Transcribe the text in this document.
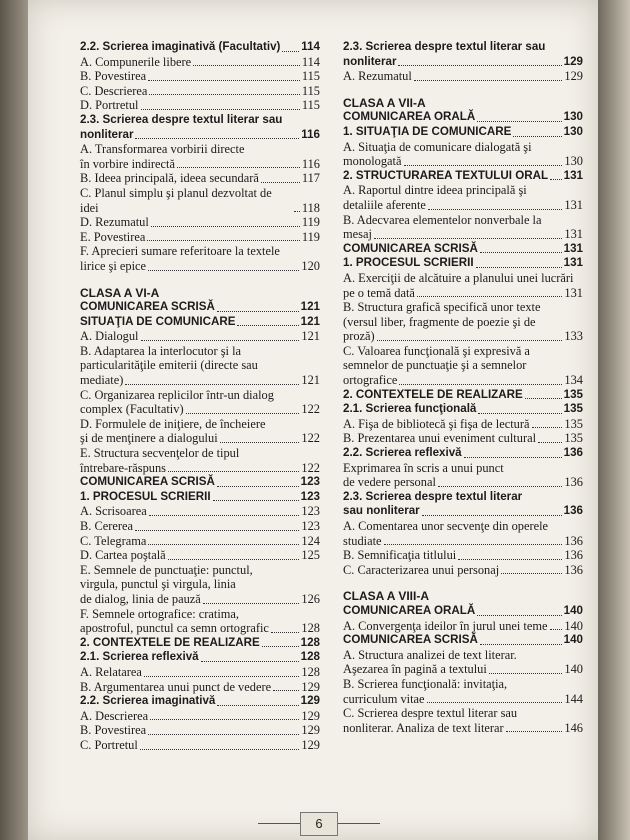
2.2. Scrierea imaginativă (Facultativ) 114
A. Compunerile libere	114
B. Povestirea	115
C. Descrierea	115
D. Portretul	115
2.3. Scrierea despre textul literar sau
nonliterar	116
A. Transformarea vorbirii directe
în vorbire indirectă	116
B. Ideea principală, ideea secundară	117
C. Planul simplu şi planul dezvoltat de idei	118
D. Rezumatul	119
E. Povestirea	119
F. Aprecieri sumare referitoare la textele
lirice şi epice	120
CLASA A VI-A
COMUNICAREA SCRISĂ	121
SITUAŢIA DE COMUNICARE	121
A. Dialogul	121
B. Adaptarea la interlocutor şi la
particularităţile emiterii (directe sau
mediate)	121
C. Organizarea replicilor într-un dialog
complex (Facultativ)	122
D. Formulele de iniţiere, de încheiere
şi de menţinere a dialogului	122
E. Structura secvenţelor de tipul
întrebare-răspuns	122
COMUNICAREA SCRISĂ	123
1. PROCESUL SCRIERII	123
A. Scrisoarea	123
B. Cererea	123
C. Telegrama	124
D. Cartea poştală	125
E. Semnele de punctuaţie: punctul,
virgula, punctul şi virgula, linia
de dialog, linia de pauză	126
F. Semnele ortografice: cratima,
apostroful, punctul ca semn ortografic	128
2. CONTEXTELE DE REALIZARE	128
2.1. Scrierea reflexivă	128
A. Relatarea	128
B. Argumentarea unui punct de vedere 129
2.2. Scrierea imaginativă	129
A. Descrierea	129
B. Povestirea	129
C. Portretul	129
2.3. Scrierea despre textul literar sau
nonliterar	129
A. Rezumatul	129
CLASA A VII-A
COMUNICAREA ORALĂ	130
1. SITUAŢIA DE COMUNICARE	130
A. Situaţia de comunicare dialogată şi
monologată	130
2. STRUCTURAREA TEXTULUI ORAL 131
A. Raportul dintre ideea principală şi
detaliile aferente	131
B. Adecvarea elementelor nonverbale la
mesaj	131
COMUNICAREA SCRISĂ	131
1. PROCESUL SCRIERII	131
A. Exerciţii de alcătuire a planului unei lucrări
pe o temă dată	131
B. Structura grafică specifică unor texte
(versul liber, fragmente de poezie şi de
proză)	133
C. Valoarea funcţională şi expresivă a
semnelor de punctuaţie şi a semnelor
ortografice	134
2. CONTEXTELE DE REALIZARE	135
2.1. Scrierea funcţională	135
A. Fişa de bibliotecă şi fişa de lectură	135
B. Prezentarea unui eveniment cultural 135
2.2. Scrierea reflexivă	136
Exprimarea în scris a unui punct
de vedere personal	136
2.3. Scrierea despre textul literar
sau nonliterar	136
A. Comentarea unor secvenţe din operele
studiate	136
B. Semnificaţia titlului	136
C. Caracterizarea unui personaj	136
CLASA A VIII-A
COMUNICAREA ORALĂ	140
A. Convergenţa ideilor în jurul unei teme 140
COMUNICAREA SCRISĂ	140
A. Structura analizei de text literar.
Aşezarea în pagină a textului	140
B. Scrierea funcţională: invitaţia,
curriculum vitae	144
C. Scrierea despre textul literar sau
nonliterar. Analiza de text literar	146
6
